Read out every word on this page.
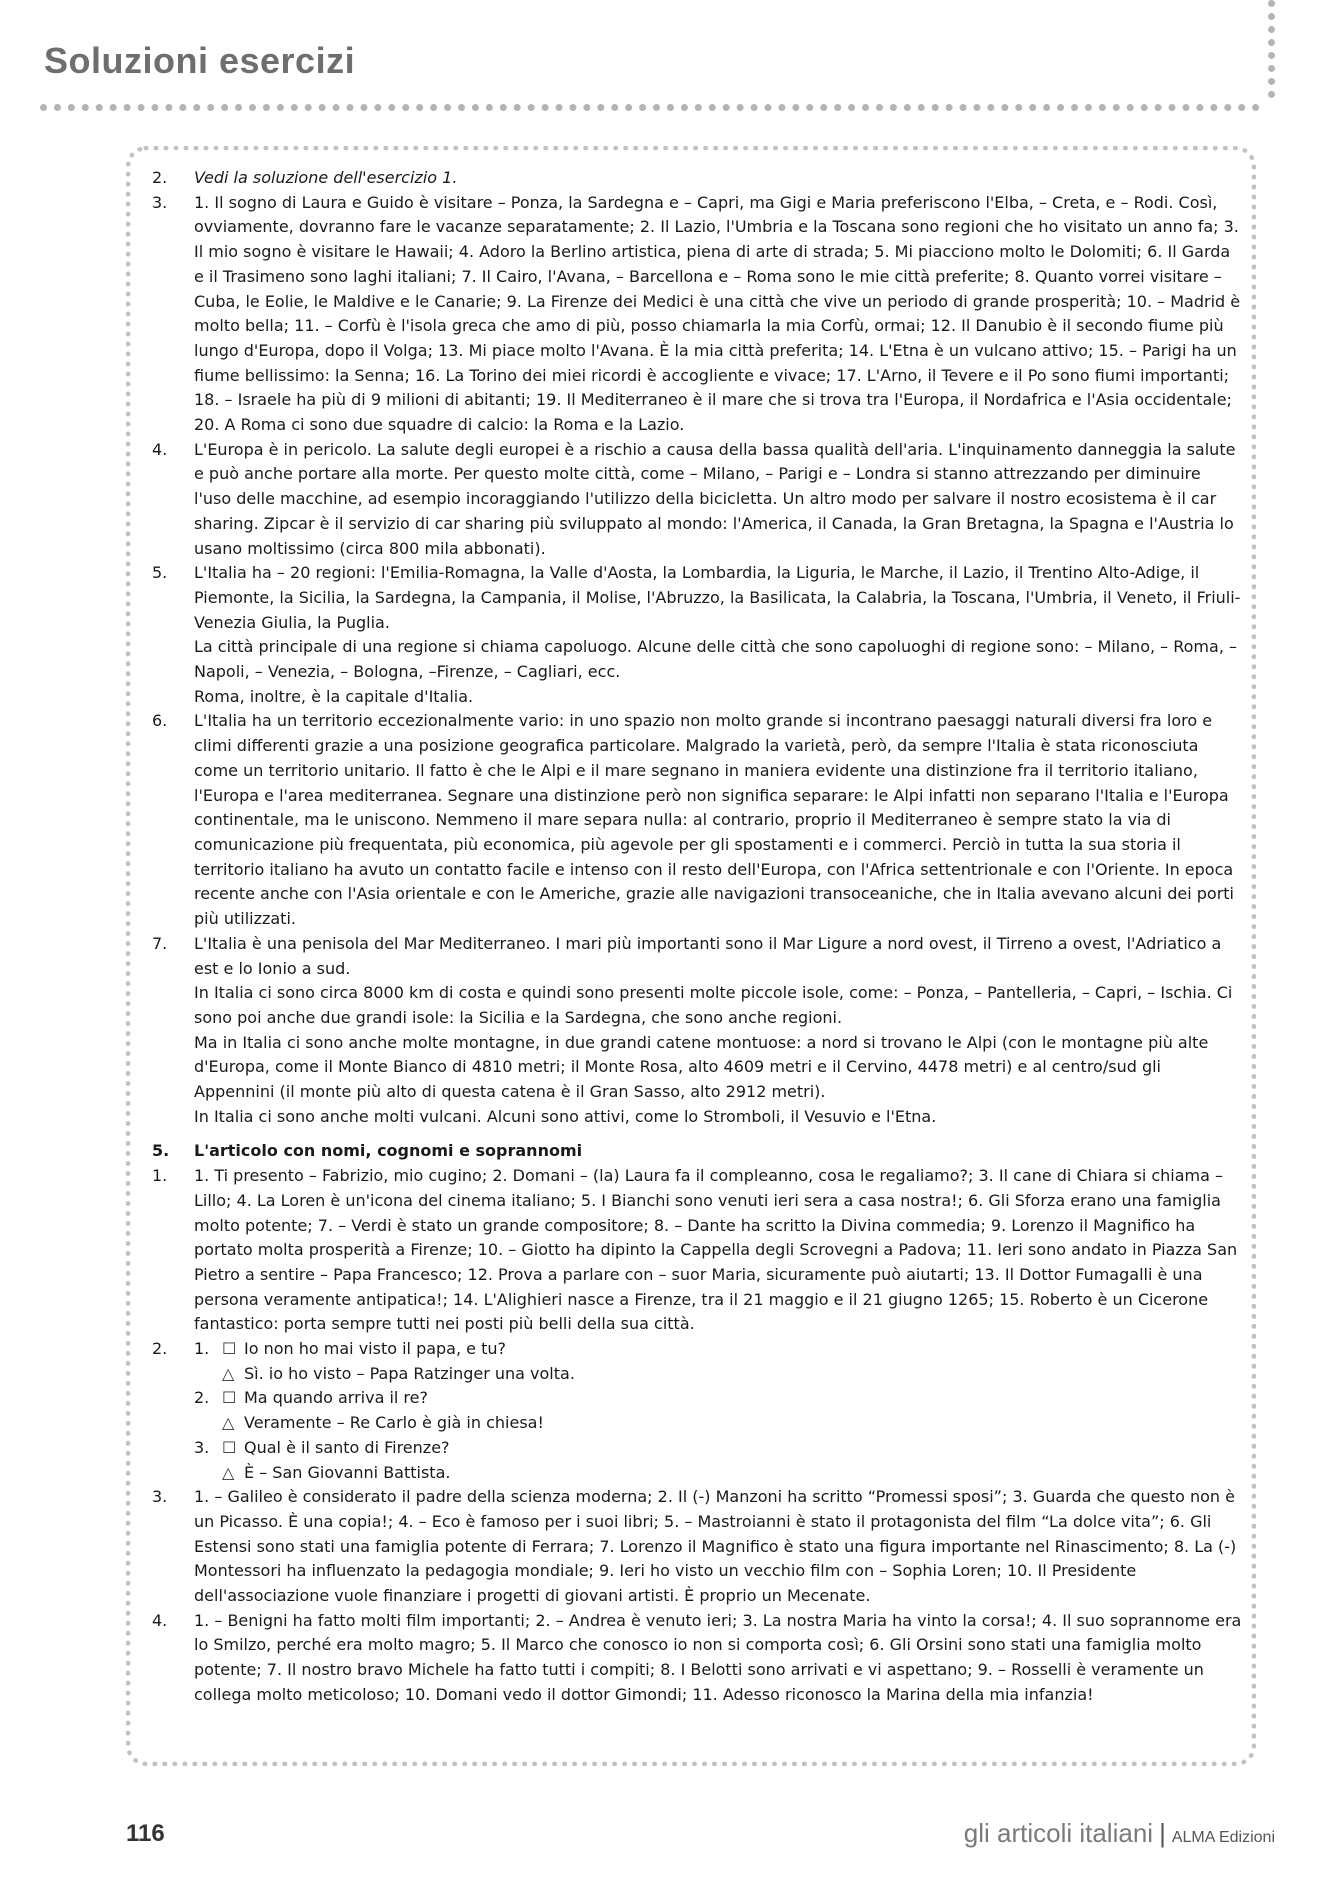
Soluzioni esercizi
2.	Vedi la soluzione dell'esercizio 1.
3.	1. Il sogno di Laura e Guido è visitare – Ponza, la Sardegna e – Capri, ma Gigi e Maria preferiscono l'Elba, – Creta, e – Rodi. Così, ovviamente, dovranno fare le vacanze separatamente; 2. Il Lazio, l'Umbria e la Toscana sono regioni che ho visitato un anno fa; 3. Il mio sogno è visitare le Hawaii; 4. Adoro la Berlino artistica, piena di arte di strada; 5. Mi piacciono molto le Dolomiti; 6. Il Garda e il Trasimeno sono laghi italiani; 7. Il Cairo, l'Avana, – Barcellona e – Roma sono le mie città preferite; 8. Quanto vorrei visitare – Cuba, le Eolie, le Maldive e le Canarie; 9. La Firenze dei Medici è una città che vive un periodo di grande prosperità; 10. – Madrid è molto bella; 11. – Corfù è l'isola greca che amo di più, posso chiamarla la mia Corfù, ormai; 12. Il Danubio è il secondo fiume più lungo d'Europa, dopo il Volga; 13. Mi piace molto l'Avana. È la mia città preferita; 14. L'Etna è un vulcano attivo; 15. – Parigi ha un fiume bellissimo: la Senna; 16. La Torino dei miei ricordi è accogliente e vivace; 17. L'Arno, il Tevere e il Po sono fiumi importanti; 18. – Israele ha più di 9 milioni di abitanti; 19. Il Mediterraneo è il mare che si trova tra l'Europa, il Nordafrica e l'Asia occidentale; 20. A Roma ci sono due squadre di calcio: la Roma e la Lazio.
4.	L'Europa è in pericolo. La salute degli europei è a rischio a causa della bassa qualità dell'aria. L'inquinamento danneggia la salute e può anche portare alla morte. Per questo molte città, come – Milano, – Parigi e – Londra si stanno attrezzando per diminuire l'uso delle macchine, ad esempio incoraggiando l'utilizzo della bicicletta. Un altro modo per salvare il nostro ecosistema è il car sharing. Zipcar è il servizio di car sharing più sviluppato al mondo: l'America, il Canada, la Gran Bretagna, la Spagna e l'Austria lo usano moltissimo (circa 800 mila abbonati).
5.	L'Italia ha – 20 regioni: l'Emilia-Romagna, la Valle d'Aosta, la Lombardia, la Liguria, le Marche, il Lazio, il Trentino Alto-Adige, il Piemonte, la Sicilia, la Sardegna, la Campania, il Molise, l'Abruzzo, la Basilicata, la Calabria, la Toscana, l'Umbria, il Veneto, il Friuli-Venezia Giulia, la Puglia.
La città principale di una regione si chiama capoluogo. Alcune delle città che sono capoluoghi di regione sono: – Milano, – Roma, – Napoli, – Venezia, – Bologna, –Firenze, – Cagliari, ecc.
Roma, inoltre, è la capitale d'Italia.
6.	L'Italia ha un territorio eccezionalmente vario: in uno spazio non molto grande si incontrano paesaggi naturali diversi fra loro e climi differenti grazie a una posizione geografica particolare. Malgrado la varietà, però, da sempre l'Italia è stata riconosciuta come un territorio unitario. Il fatto è che le Alpi e il mare segnano in maniera evidente una distinzione fra il territorio italiano, l'Europa e l'area mediterranea. Segnare una distinzione però non significa separare: le Alpi infatti non separano l'Italia e l'Europa continentale, ma le uniscono. Nemmeno il mare separa nulla: al contrario, proprio il Mediterraneo è sempre stato la via di comunicazione più frequentata, più economica, più agevole per gli spostamenti e i commerci. Perciò in tutta la sua storia il territorio italiano ha avuto un contatto facile e intenso con il resto dell'Europa, con l'Africa settentrionale e con l'Oriente. In epoca recente anche con l'Asia orientale e con le Americhe, grazie alle navigazioni transoceaniche, che in Italia avevano alcuni dei porti più utilizzati.
7.	L'Italia è una penisola del Mar Mediterraneo. I mari più importanti sono il Mar Ligure a nord ovest, il Tirreno a ovest, l'Adriatico a est e lo Ionio a sud.
In Italia ci sono circa 8000 km di costa e quindi sono presenti molte piccole isole, come: – Ponza, – Pantelleria, – Capri, – Ischia. Ci sono poi anche due grandi isole: la Sicilia e la Sardegna, che sono anche regioni.
Ma in Italia ci sono anche molte montagne, in due grandi catene montuose: a nord si trovano le Alpi (con le montagne più alte d'Europa, come il Monte Bianco di 4810 metri; il Monte Rosa, alto 4609 metri e il Cervino, 4478 metri) e al centro/sud gli Appennini (il monte più alto di questa catena è il Gran Sasso, alto 2912 metri).
In Italia ci sono anche molti vulcani. Alcuni sono attivi, come lo Stromboli, il Vesuvio e l'Etna.
5.	L'articolo con nomi, cognomi e soprannomi
1.	1. Ti presento – Fabrizio, mio cugino; 2. Domani – (la) Laura fa il compleanno, cosa le regaliamo?; 3. Il cane di Chiara si chiama – Lillo; 4. La Loren è un'icona del cinema italiano; 5. I Bianchi sono venuti ieri sera a casa nostra!; 6. Gli Sforza erano una famiglia molto potente; 7. – Verdi è stato un grande compositore; 8. – Dante ha scritto la Divina commedia; 9. Lorenzo il Magnifico ha portato molta prosperità a Firenze; 10. – Giotto ha dipinto la Cappella degli Scrovegni a Padova; 11. Ieri sono andato in Piazza San Pietro a sentire – Papa Francesco; 12. Prova a parlare con – suor Maria, sicuramente può aiutarti; 13. Il Dottor Fumagalli è una persona veramente antipatica!; 14. L'Alighieri nasce a Firenze, tra il 21 maggio e il 21 giugno 1265; 15. Roberto è un Cicerone fantastico: porta sempre tutti nei posti più belli della sua città.
2.	1. ☐ Io non ho mai visto il papa, e tu?
△ Sì. io ho visto – Papa Ratzinger una volta.
2. ☐ Ma quando arriva il re?
△ Veramente – Re Carlo è già in chiesa!
3. ☐ Qual è il santo di Firenze?
△ È – San Giovanni Battista.
3.	1. – Galileo è considerato il padre della scienza moderna; 2. Il (-) Manzoni ha scritto “Promessi sposi”; 3. Guarda che questo non è un Picasso. È una copia!; 4. – Eco è famoso per i suoi libri; 5. – Mastroianni è stato il protagonista del film “La dolce vita”; 6. Gli Estensi sono stati una famiglia potente di Ferrara; 7. Lorenzo il Magnifico è stato una figura importante nel Rinascimento; 8. La (-) Montessori ha influenzato la pedagogia mondiale; 9. Ieri ho visto un vecchio film con – Sophia Loren; 10. Il Presidente dell'associazione vuole finanziare i progetti di giovani artisti. È proprio un Mecenate.
4.	1. – Benigni ha fatto molti film importanti; 2. – Andrea è venuto ieri; 3. La nostra Maria ha vinto la corsa!; 4. Il suo soprannome era lo Smilzo, perché era molto magro; 5. Il Marco che conosco io non si comporta così; 6. Gli Orsini sono stati una famiglia molto potente; 7. Il nostro bravo Michele ha fatto tutti i compiti; 8. I Belotti sono arrivati e vi aspettano; 9. – Rosselli è veramente un collega molto meticoloso; 10. Domani vedo il dottor Gimondi; 11. Adesso riconosco la Marina della mia infanzia!
116	gli articoli italiani | ALMA Edizioni
